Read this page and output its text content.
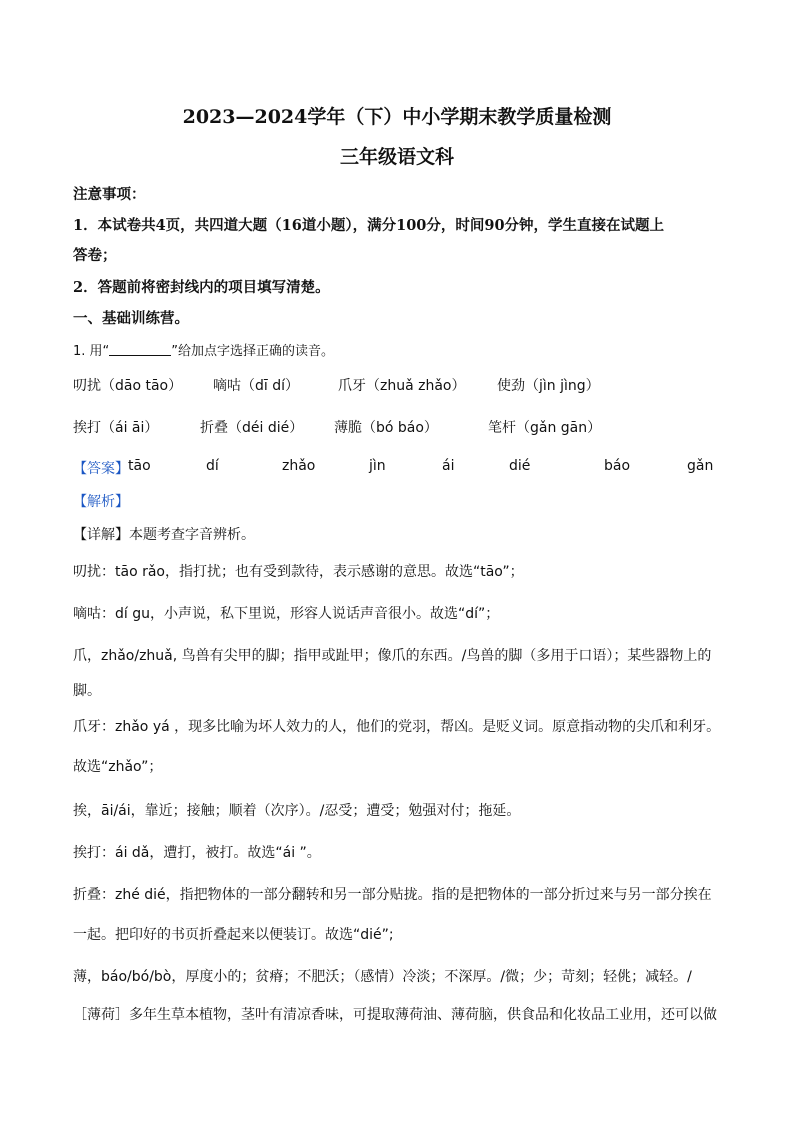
2023—2024学年（下）中小学期末教学质量检测
三年级语文科
注意事项：
1．本试卷共4页，共四道大题（16道小题），满分100分，时间90分钟，学生直接在试题上
答卷；
2．答题前将密封线内的项目填写清楚。
一、基础训练营。
1. 用“	”给加点字选择正确的读音。
叨扰（dāo tāo） 嘀咕（dī dí）	爪牙（zhuǎ zhǎo） 使劲（jìn jìng）
挨打（ái āi）	折叠（déi dié） 薄脆（bó báo）	笔杆（gǎn gān）
【答案】 tāo	dí	zhǎo	jìn	ái	dié	báo	gǎn
【解析】
【详解】本题考查字音辨析。
叨扰：tāo rǎo，指打扰；也有受到款待，表示感谢的意思。故选“tāo”；
嘀咕：dí gu，小声说，私下里说，形容人说话声音很小。故选“dí”；
爪，zhǎo/zhuǎ, 鸟兽有尖甲的脚；指甲或趾甲；像爪的东西。/鸟兽的脚（多用于口语）；某些器物上的
脚。
爪牙：zhǎo yá ，现多比喻为坏人效力的人，他们的党羽，帮凶。是贬义词。原意指动物的尖爪和利牙。
故选“zhǎo”；
挨，āi/ái，靠近；接触；顺着（次序）。/忍受；遭受；勉强对付；拖延。
挨打：ái dǎ，遭打，被打。故选“ái ”。
折叠：zhé dié，指把物体的一部分翻转和另一部分贴拢。指的是把物体的一部分折过来与另一部分挨在
一起。把印好的书页折叠起来以便装订。故选“dié”;
薄，báo/bó/bò，厚度小的；贫瘠；不肥沃；（感情）冷淡；不深厚。/微；少；苛刻；轻佻；减轻。/
［薄荷］多年生草本植物，茎叶有清凉香味，可提取薄荷油、薄荷脑，供食品和化妆品工业用，还可以做
